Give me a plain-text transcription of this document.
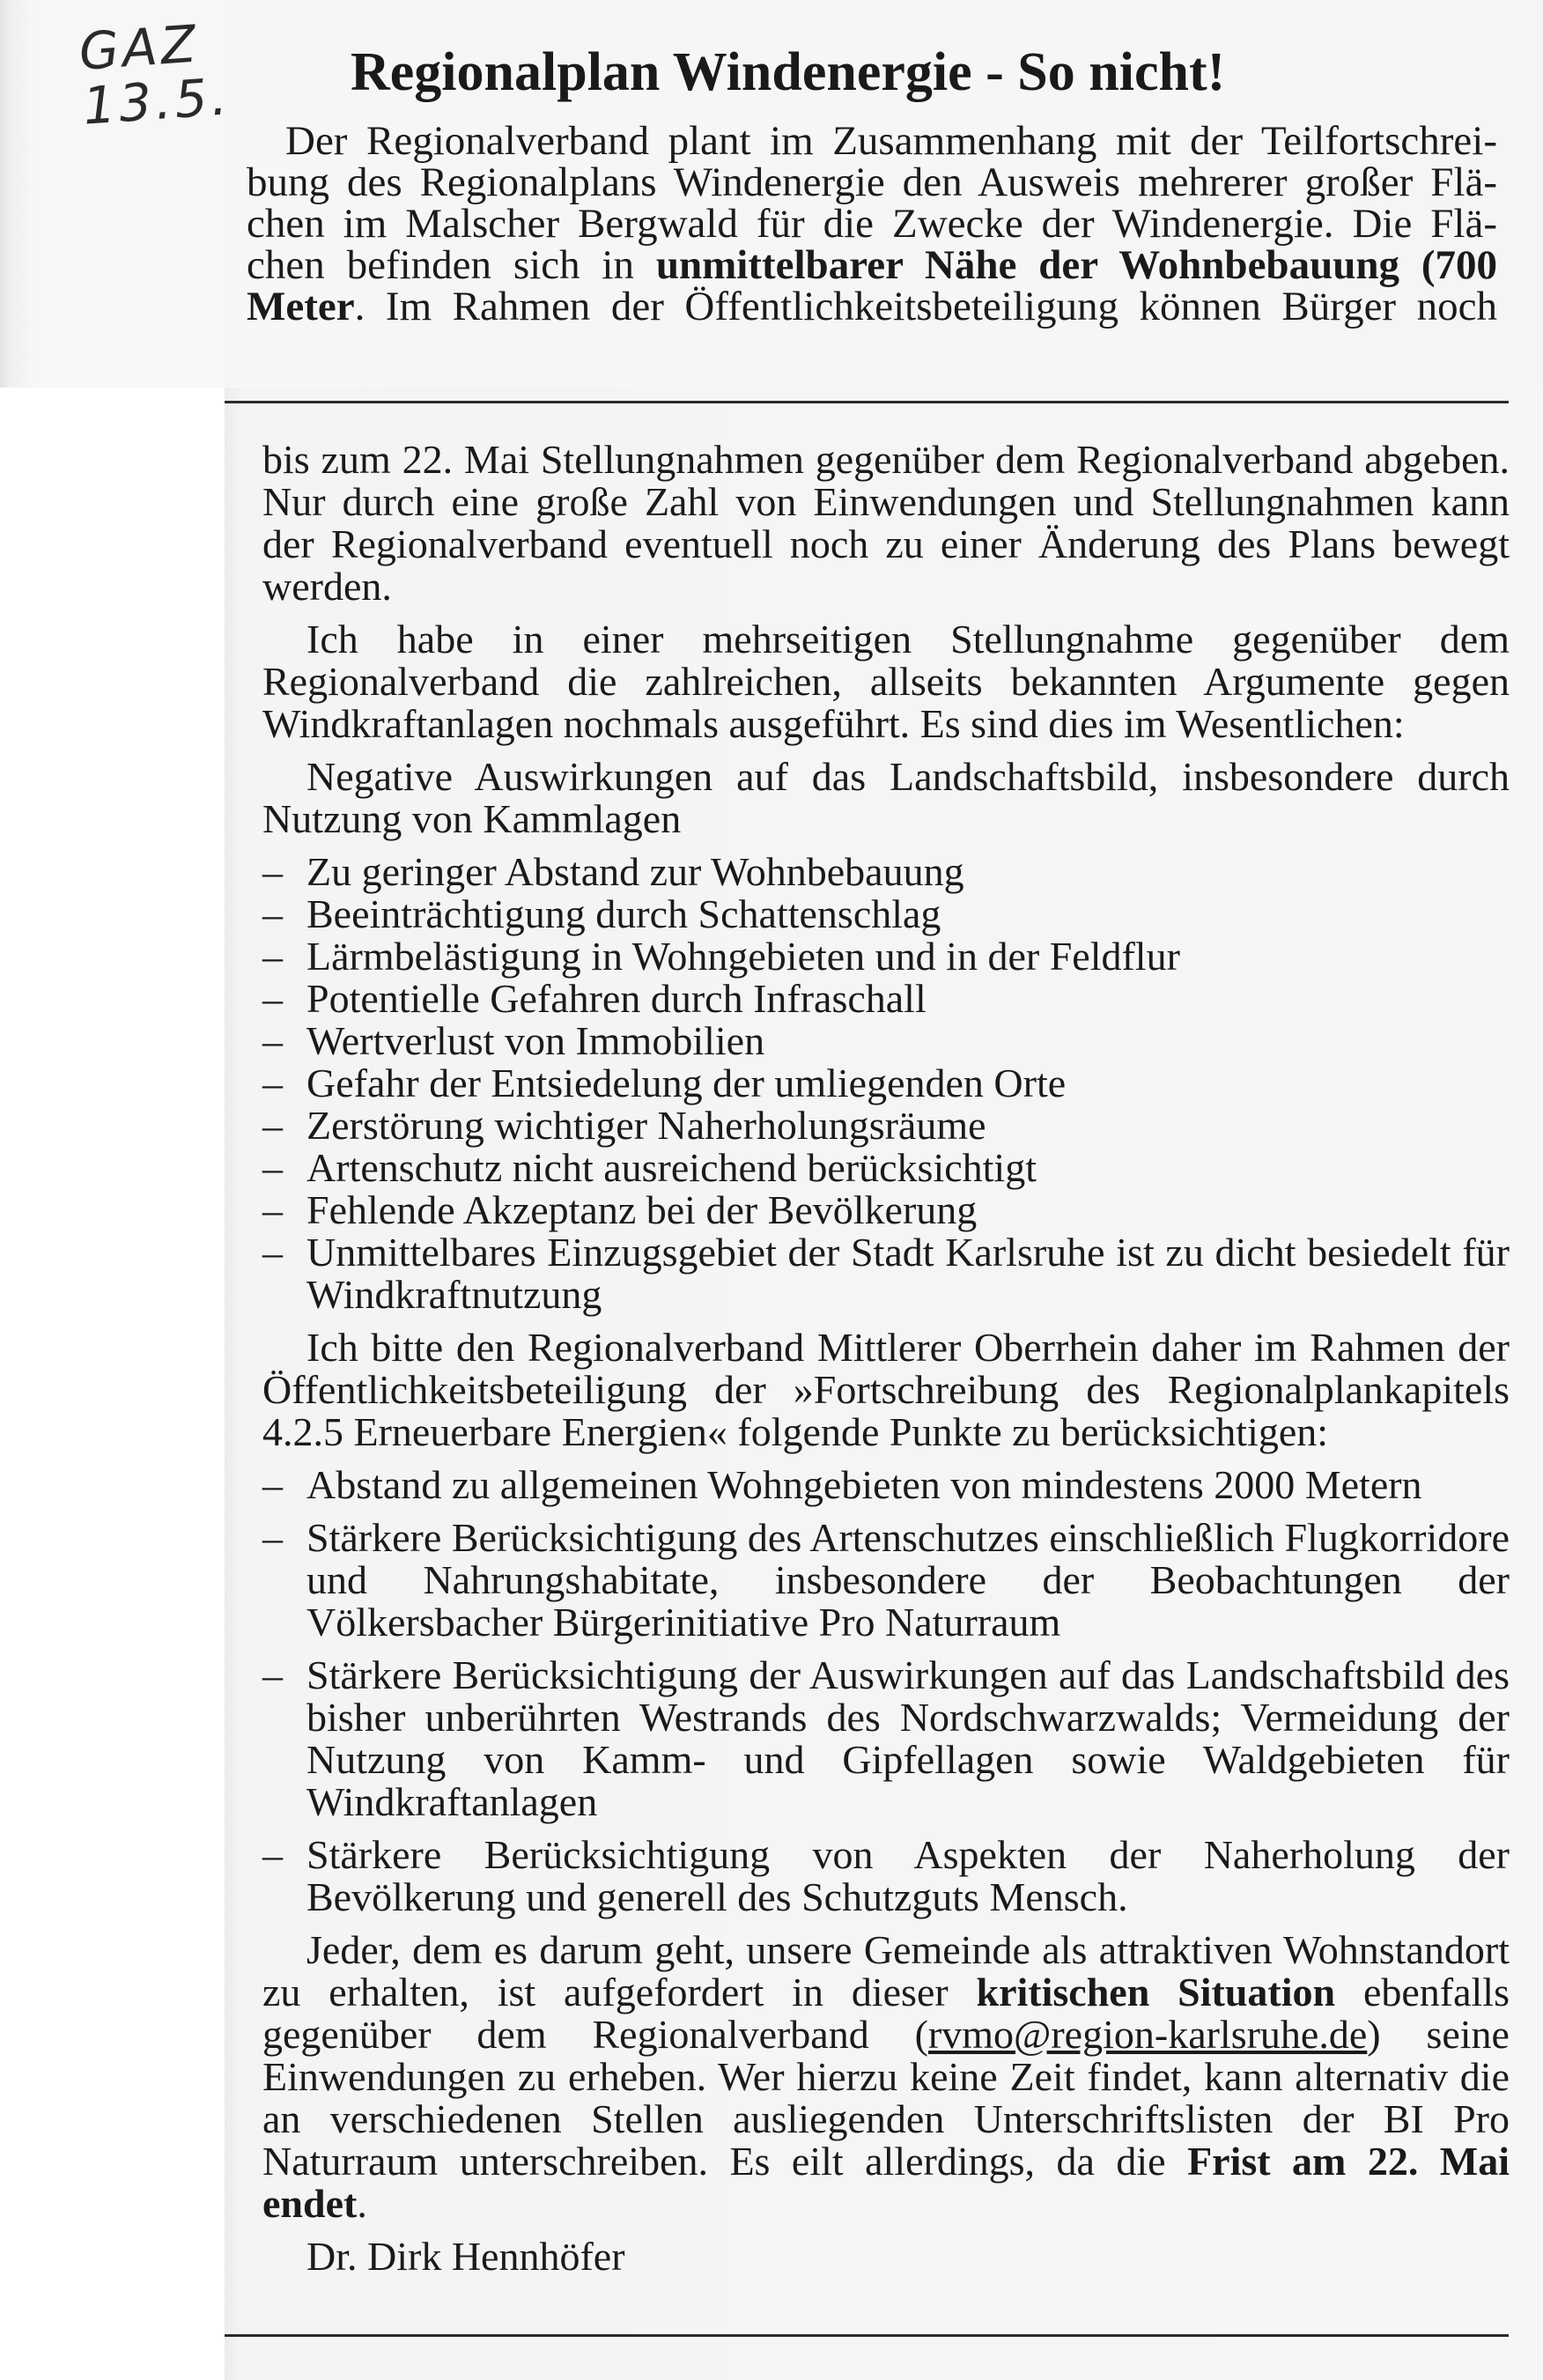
GAZ
13.5. Regionalplan Windenergie - So nicht!
Der Regionalverband plant im Zusammenhang mit der Teilfortschrei-
bung des Regionalplans Windenergie den Ausweis mehrerer großer Flä-
chen im Malscher Bergwald für die Zwecke der Windenergie. Die Flä-
chen befinden sich in unmittelbarer Nähe der Wohnbebauung (700
Meter. Im Rahmen der Öffentlichkeitsbeteiligung können Bürger noch

bis zum 22. Mai Stellungnahmen gegenüber dem Regionalverband abgeben. Nur durch eine große Zahl von Einwendungen und Stellungnahmen kann der Regionalverband eventuell noch zu einer Änderung des Plans bewegt werden.

Ich habe in einer mehrseitigen Stellungnahme gegenüber dem Regionalverband die zahlreichen, allseits bekannten Argumente gegen Windkraftanlagen nochmals ausgeführt. Es sind dies im Wesentlichen:

Negative Auswirkungen auf das Landschaftsbild, insbesondere durch Nutzung von Kammlagen

– Zu geringer Abstand zur Wohnbebauung
– Beeinträchtigung durch Schattenschlag
– Lärmbelästigung in Wohngebieten und in der Feldflur
– Potentielle Gefahren durch Infraschall
– Wertverlust von Immobilien
– Gefahr der Entsiedelung der umliegenden Orte
– Zerstörung wichtiger Naherholungsräume
– Artenschutz nicht ausreichend berücksichtigt
– Fehlende Akzeptanz bei der Bevölkerung
– Unmittelbares Einzugsgebiet der Stadt Karlsruhe ist zu dicht besiedelt für Windkraftnutzung

Ich bitte den Regionalverband Mittlerer Oberrhein daher im Rahmen der Öffentlichkeitsbeteiligung der »Fortschreibung des Regionalplankapitels 4.2.5 Erneuerbare Energien« folgende Punkte zu berücksichtigen:

– Abstand zu allgemeinen Wohngebieten von mindestens 2000 Metern
– Stärkere Berücksichtigung des Artenschutzes einschließlich Flugkorridore und Nahrungshabitate, insbesondere der Beobachtungen der Völkersbacher Bürgerinitiative Pro Naturraum
– Stärkere Berücksichtigung der Auswirkungen auf das Landschaftsbild des bisher unberührten Westrands des Nordschwarzwalds; Vermeidung der Nutzung von Kamm- und Gipfellagen sowie Waldgebieten für Windkraftanlagen
– Stärkere Berücksichtigung von Aspekten der Naherholung der Bevölkerung und generell des Schutzguts Mensch.

Jeder, dem es darum geht, unsere Gemeinde als attraktiven Wohnstandort zu erhalten, ist aufgefordert in dieser kritischen Situation ebenfalls gegenüber dem Regionalverband (rvmo@region-karlsruhe.de) seine Einwendungen zu erheben. Wer hierzu keine Zeit findet, kann alternativ die an verschiedenen Stellen ausliegenden Unterschriftslisten der BI Pro Naturraum unterschreiben. Es eilt allerdings, da die Frist am 22. Mai endet.

Dr. Dirk Hennhöfer
